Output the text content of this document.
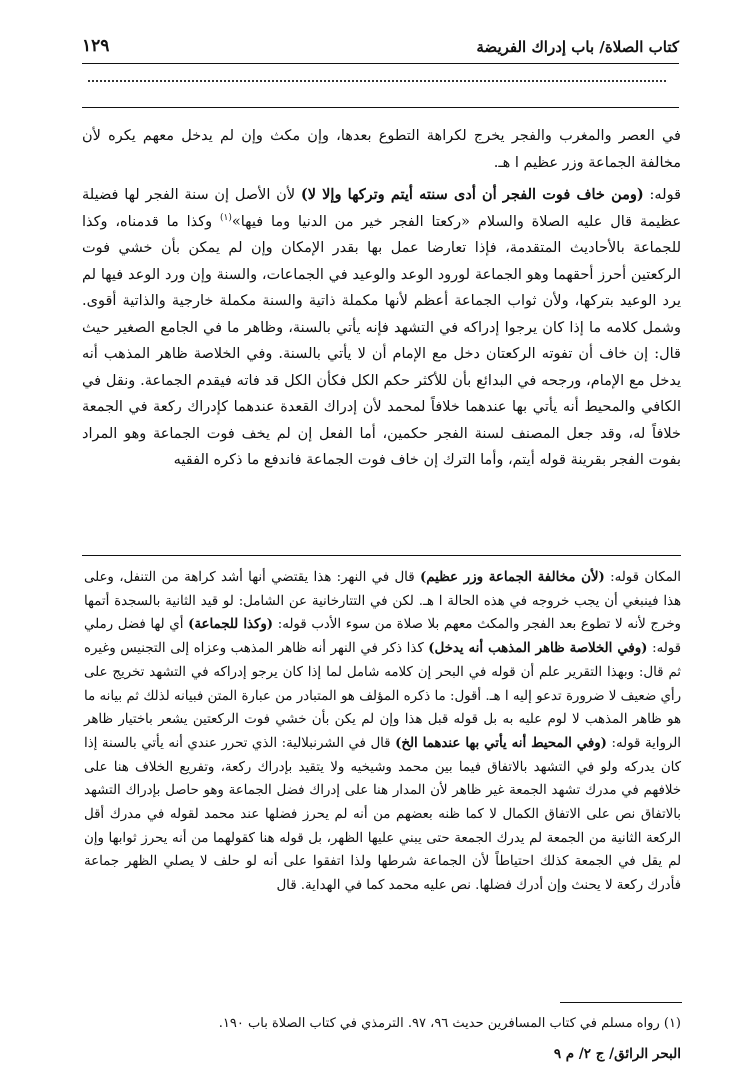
كتاب الصلاة/ باب إدراك الفريضة
١٢٩

في العصر والمغرب والفجر يخرج لكراهة التطوع بعدها، وإن مكث وإن لم يدخل معهم يكره لأن مخالفة الجماعة وزر عظيم ا هـ.

قوله: (ومن خاف فوت الفجر أن أدى سنته أيتم وتركها وإلا لا) لأن الأصل إن سنة الفجر لها فضيلة عظيمة قال عليه الصلاة والسلام «ركعتا الفجر خير من الدنيا وما فيها»$^{(١)}$ وكذا ما قدمناه، وكذا للجماعة بالأحاديث المتقدمة، فإذا تعارضا عمل بها بقدر الإمكان وإن لم يمكن بأن خشي فوت الركعتين أحرز أحقهما وهو الجماعة لورود الوعد والوعيد في الجماعات، والسنة وإن ورد الوعد فيها لم يرد الوعيد بتركها، ولأن ثواب الجماعة أعظم لأنها مكملة ذاتية والسنة مكملة خارجية والذاتية أقوى. وشمل كلامه ما إذا كان يرجوا إدراكه في التشهد فإنه يأتي بالسنة، وظاهر ما في الجامع الصغير حيث قال: إن خاف أن تفوته الركعتان دخل مع الإمام أن لا يأتي بالسنة. وفي الخلاصة ظاهر المذهب أنه يدخل مع الإمام، ورجحه في البدائع بأن للأكثر حكم الكل فكأن الكل قد فاته فيقدم الجماعة. ونقل في الكافي والمحيط أنه يأتي بها عندهما خلافاً لمحمد لأن إدراك القعدة عندهما كإدراك ركعة في الجمعة خلافاً له، وقد جعل المصنف لسنة الفجر حكمين، أما الفعل إن لم يخف فوت الجماعة وهو المراد بفوت الفجر بقرينة قوله أيتم، وأما الترك إن خاف فوت الجماعة فاندفع ما ذكره الفقيه

المكان قوله: (لأن مخالفة الجماعة وزر عظيم) قال في النهر: هذا يقتضي أنها أشد كراهة من التنفل، وعلى هذا فينبغي أن يجب خروجه في هذه الحالة ا هـ. لكن في التتارخانية عن الشامل: لو قيد الثانية بالسجدة أتمها وخرج لأنه لا تطوع بعد الفجر والمكث معهم بلا صلاة من سوء الأدب قوله: (وكذا للجماعة) أي لها فضل رملي قوله: (وفي الخلاصة ظاهر المذهب أنه يدخل) كذا ذكر في النهر أنه ظاهر المذهب وعزاه إلى التجنيس وغيره ثم قال: وبهذا التقرير علم أن قوله في البحر إن كلامه شامل لما إذا كان يرجو إدراكه في التشهد تخريج على رأي ضعيف لا ضرورة تدعو إليه ا هـ. أقول: ما ذكره المؤلف هو المتبادر من عبارة المتن فبيانه لذلك ثم بيانه ما هو ظاهر المذهب لا لوم عليه به بل قوله قبل هذا وإن لم يكن بأن خشي فوت الركعتين يشعر باختيار ظاهر الرواية قوله: (وفي المحيط أنه يأتي بها عندهما الخ) قال في الشرنبلالية: الذي تحرر عندي أنه يأتي بالسنة إذا كان يدركه ولو في التشهد بالاتفاق فيما بين محمد وشيخيه ولا يتقيد بإدراك ركعة، وتفريع الخلاف هنا على خلافهم في مدرك تشهد الجمعة غير ظاهر لأن المدار هنا على إدراك فضل الجماعة وهو حاصل بإدراك التشهد بالاتفاق نص على الاتفاق الكمال لا كما ظنه بعضهم من أنه لم يحرز فضلها عند محمد لقوله في مدرك أقل الركعة الثانية من الجمعة لم يدرك الجمعة حتى يبني عليها الظهر، بل قوله هنا كقولهما من أنه يحرز ثوابها وإن لم يقل في الجمعة كذلك احتياطاً لأن الجماعة شرطها ولذا اتفقوا على أنه لو حلف لا يصلي الظهر جماعة فأدرك ركعة لا يحنث وإن أدرك فضلها. نص عليه محمد كما في الهداية. قال

(١) رواه مسلم في كتاب المسافرين حديث ٩٦، ٩٧. الترمذي في كتاب الصلاة باب ١٩٠.
البحر الرائق/ ج ٢/ م ٩
